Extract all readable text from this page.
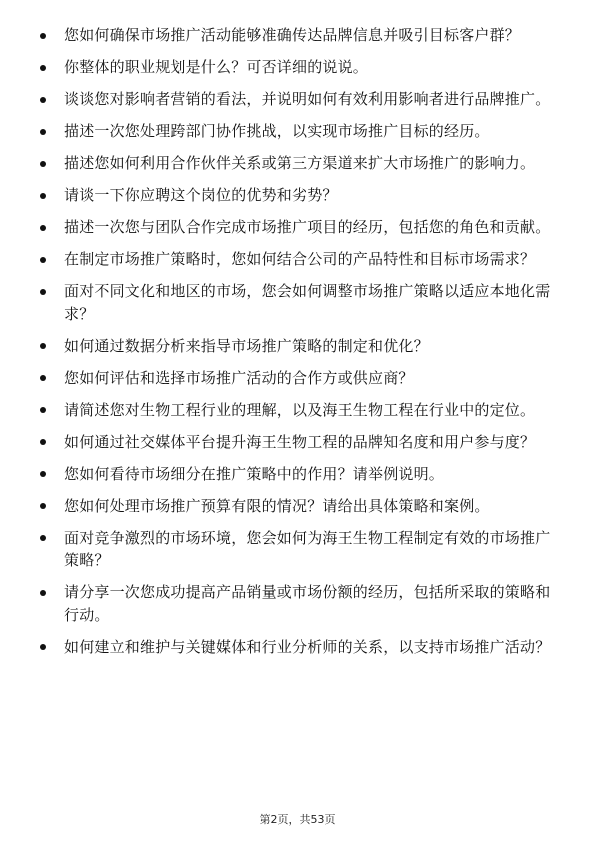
您如何确保市场推广活动能够准确传达品牌信息并吸引目标客户群？
你整体的职业规划是什么？可否详细的说说。
谈谈您对影响者营销的看法，并说明如何有效利用影响者进行品牌推广。
描述一次您处理跨部门协作挑战，以实现市场推广目标的经历。
描述您如何利用合作伙伴关系或第三方渠道来扩大市场推广的影响力。
请谈一下你应聘这个岗位的优势和劣势？
描述一次您与团队合作完成市场推广项目的经历，包括您的角色和贡献。
在制定市场推广策略时，您如何结合公司的产品特性和目标市场需求？
面对不同文化和地区的市场，您会如何调整市场推广策略以适应本地化需求？
如何通过数据分析来指导市场推广策略的制定和优化？
您如何评估和选择市场推广活动的合作方或供应商？
请简述您对生物工程行业的理解，以及海王生物工程在行业中的定位。
如何通过社交媒体平台提升海王生物工程的品牌知名度和用户参与度？
您如何看待市场细分在推广策略中的作用？请举例说明。
您如何处理市场推广预算有限的情况？请给出具体策略和案例。
面对竞争激烈的市场环境，您会如何为海王生物工程制定有效的市场推广策略？
请分享一次您成功提高产品销量或市场份额的经历，包括所采取的策略和行动。
如何建立和维护与关键媒体和行业分析师的关系，以支持市场推广活动？
第2页，共53页
